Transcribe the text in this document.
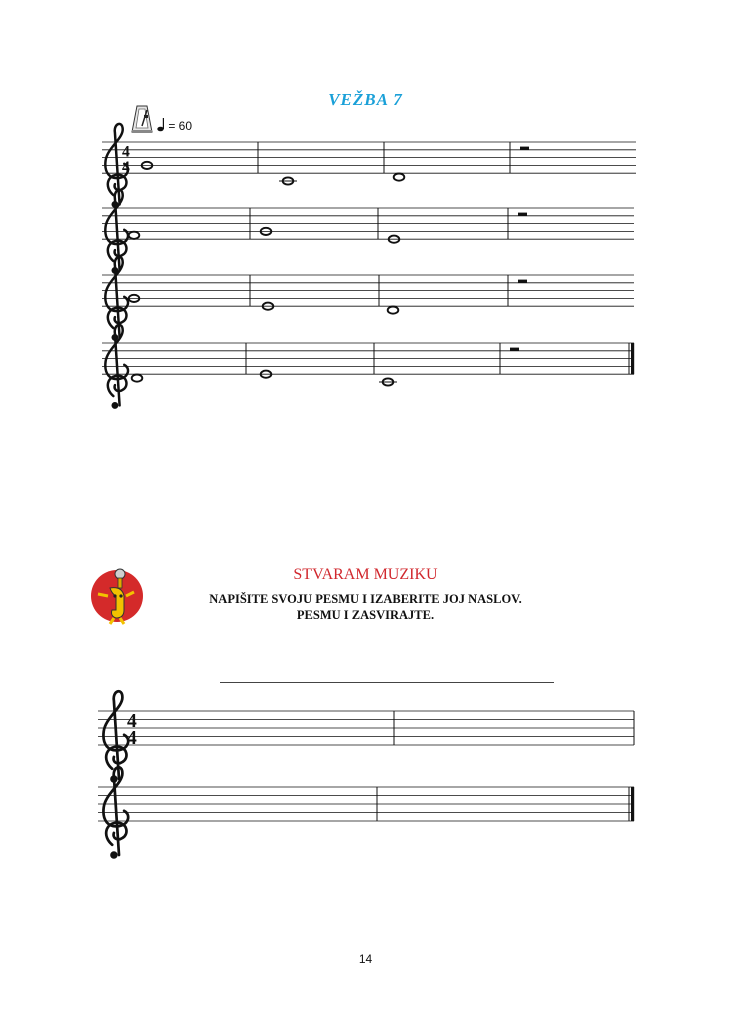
VEŽBA 7
= 60
4
4
STVARAM MUZIKU
NAPIŠITE SVOJU PESMU I IZABERITE JOJ NASLOV.
PESMU I ZASVIRAJTE.
4
4
14
